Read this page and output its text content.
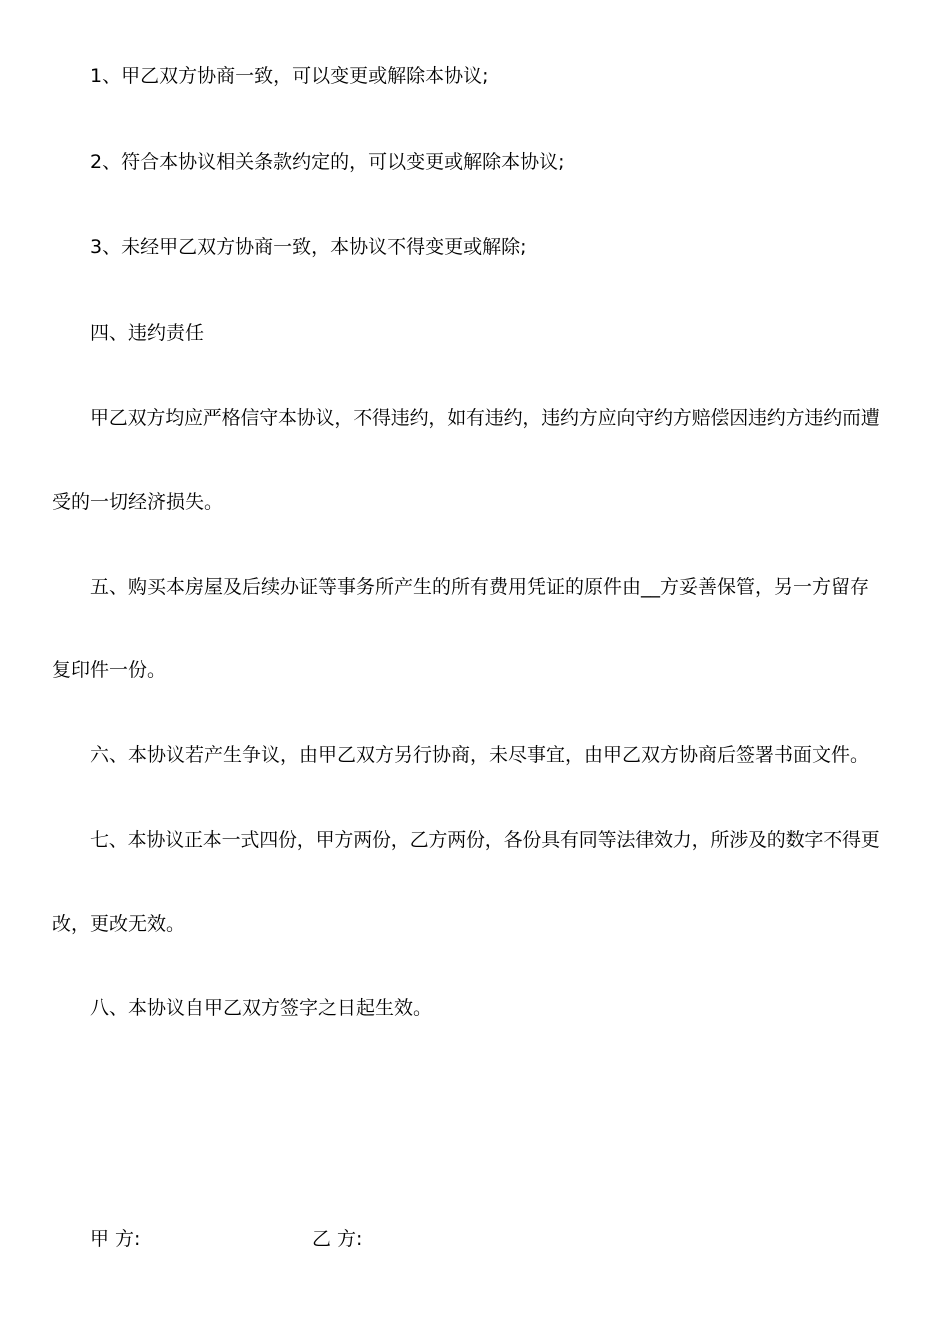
1、甲乙双方协商一致，可以变更或解除本协议;
2、符合本协议相关条款约定的，可以变更或解除本协议;
3、未经甲乙双方协商一致，本协议不得变更或解除;
四、违约责任
甲乙双方均应严格信守本协议，不得违约，如有违约，违约方应向守约方赔偿因违约方违约而遭
受的一切经济损失。
五、购买本房屋及后续办证等事务所产生的所有费用凭证的原件由__方妥善保管，另一方留存
复印件一份。
六、本协议若产生争议，由甲乙双方另行协商，未尽事宜，由甲乙双方协商后签署书面文件。
七、本协议正本一式四份，甲方两份，乙方两份，各份具有同等法律效力，所涉及的数字不得更
改，更改无效。
八、本协议自甲乙双方签字之日起生效。
甲 方:	乙 方:
